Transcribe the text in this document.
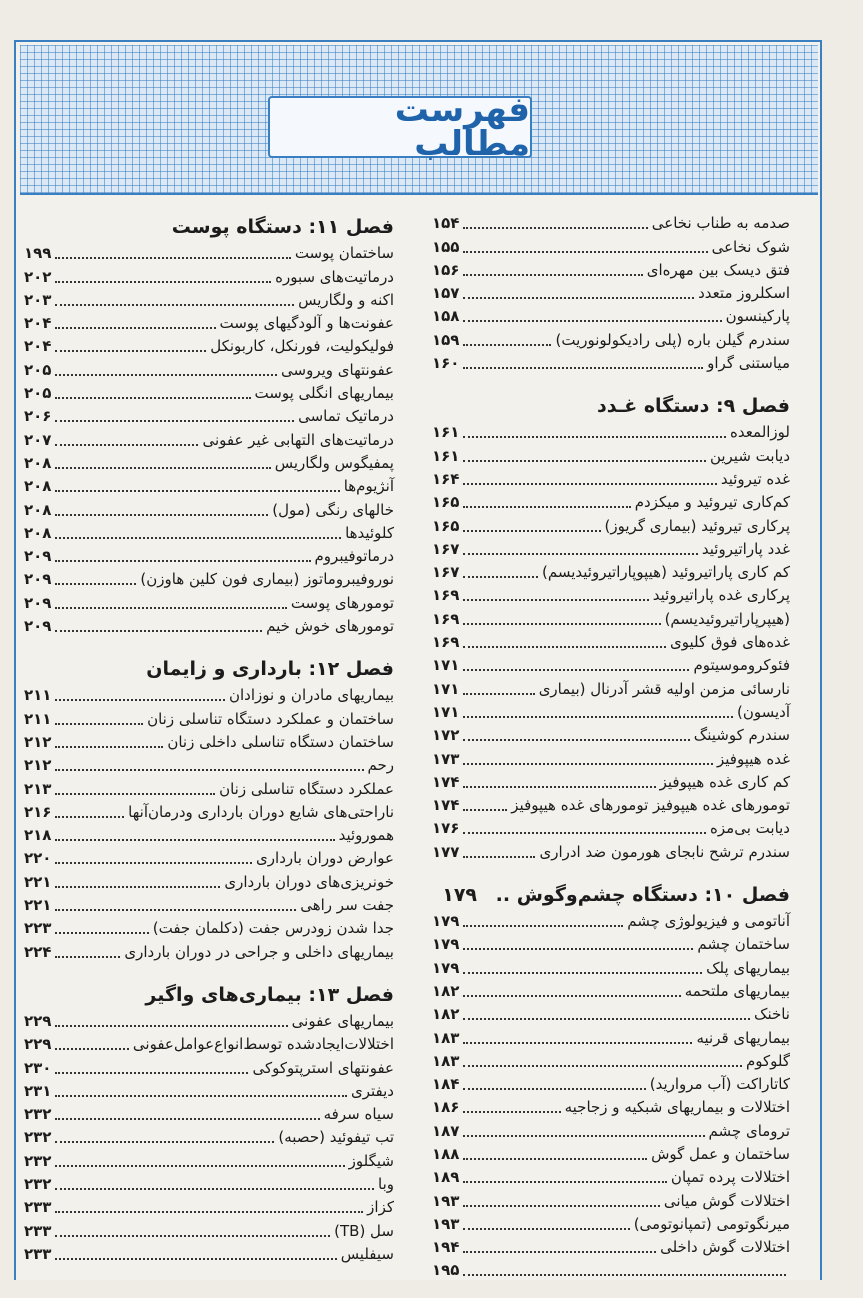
فهرست مطالب
صدمه به طناب نخاعی
۱۵۴
شوک نخاعی
۱۵۵
فتق دیسک بین مهره‌ای
۱۵۶
اسکلروز متعدد
۱۵۷
پارکینسون
۱۵۸
سندرم گیلن باره (پلی رادیکولونوریت)
۱۵۹
میاستنی گراو
۱۶۰
فصل ۹: دستگاه غـدد
لوزالمعده
۱۶۱
دیابت شیرین
۱۶۱
غده تیروئید
۱۶۴
کم‌کاری تیروئید و میکزدم
۱۶۵
پرکاری تیروئید (بیماری گریوز)
۱۶۵
غدد پاراتیروئید
۱۶۷
کم کاری پاراتیروئید (هیپوپاراتیروئیدیسم)
۱۶۷
پرکاری غده پاراتیروئید
۱۶۹
(هیپرپاراتیروئیدیسم)
۱۶۹
غده‌های فوق کلیوی
۱۶۹
فئوکروموسیتوم
۱۷۱
نارسائی مزمن اولیه قشر آدرنال (بیماری
۱۷۱
آدیسون)
۱۷۱
سندرم کوشینگ
۱۷۲
غده هیپوفیز
۱۷۳
کم کاری غده هیپوفیز
۱۷۴
تومورهای غده هیپوفیز تومورهای غده هیپوفیز
۱۷۴
دیابت بی‌مزه
۱۷۶
سندرم ترشح نابجای هورمون ضد ادراری
۱۷۷
فصل ۱۰: دستگاه چشم‌وگوش .. ۱۷۹
آناتومی و فیزیولوژی چشم
۱۷۹
ساختمان چشم
۱۷۹
بیماریهای پلک
۱۷۹
بیماریهای ملتحمه
۱۸۲
ناخنک
۱۸۲
بیماریهای قرنیه
۱۸۳
گلوکوم
۱۸۳
کاتاراکت (آب مروارید)
۱۸۴
اختلالات و بیماریهای شبکیه و زجاجیه
۱۸۶
ترومای چشم
۱۸۷
ساختمان و عمل گوش
۱۸۸
اختلالات پرده تمپان
۱۸۹
اختلالات گوش میانی
۱۹۳
میرنگوتومی (تمپانوتومی)
۱۹۳
اختلالات گوش داخلی
۱۹۴
۱۹۵
فصل ۱۱: دستگاه پوست
ساختمان پوست
۱۹۹
درماتیت‌های سبوره
۲۰۲
اکنه و ولگاریس
۲۰۳
عفونت‌ها و آلودگیهای پوست
۲۰۴
فولیکولیت، فورنکل، کاربونکل
۲۰۴
عفونتهای ویروسی
۲۰۵
بیماریهای انگلی پوست
۲۰۵
درماتیک تماسی
۲۰۶
درماتیت‌های التهابی غیر عفونی
۲۰۷
پمفیگوس ولگاریس
۲۰۸
آنژیوم‌ها
۲۰۸
خالهای رنگی (مول)
۲۰۸
کلوئیدها
۲۰۸
درماتوفیبروم
۲۰۹
نوروفیبروماتوز (بیماری فون کلین هاوزن)
۲۰۹
تومورهای پوست
۲۰۹
تومورهای خوش خیم
۲۰۹
فصل ۱۲: بارداری و زایمان
بیماریهای مادران و نوزادان
۲۱۱
ساختمان و عملکرد دستگاه تناسلی زنان
۲۱۱
ساختمان دستگاه تناسلی داخلی زنان
۲۱۲
رحم
۲۱۲
عملکرد دستگاه تناسلی زنان
۲۱۳
ناراحتی‌های شایع دوران بارداری ودرمان‌آنها
۲۱۶
هموروئید
۲۱۸
عوارض دوران بارداری
۲۲۰
خونریزی‌های دوران بارداری
۲۲۱
جفت سر راهی
۲۲۱
جدا شدن زودرس جفت (دکلمان جفت)
۲۲۳
بیماریهای داخلی و جراحی در دوران بارداری
۲۲۴
فصل ۱۳: بیماری‌های واگیر
بیماریهای عفونی
۲۲۹
اختلالات‌ایجادشده توسط‌انواع‌عوامل‌عفونی
۲۲۹
عفونتهای استرپتوکوکی
۲۳۰
دیفتری
۲۳۱
سیاه سرفه
۲۳۲
تب تیفوئید (حصبه)
۲۳۲
شیگلوز
۲۳۲
وبا
۲۳۲
کزاز
۲۳۳
سل (TB)
۲۳۳
سیفلیس
۲۳۳
